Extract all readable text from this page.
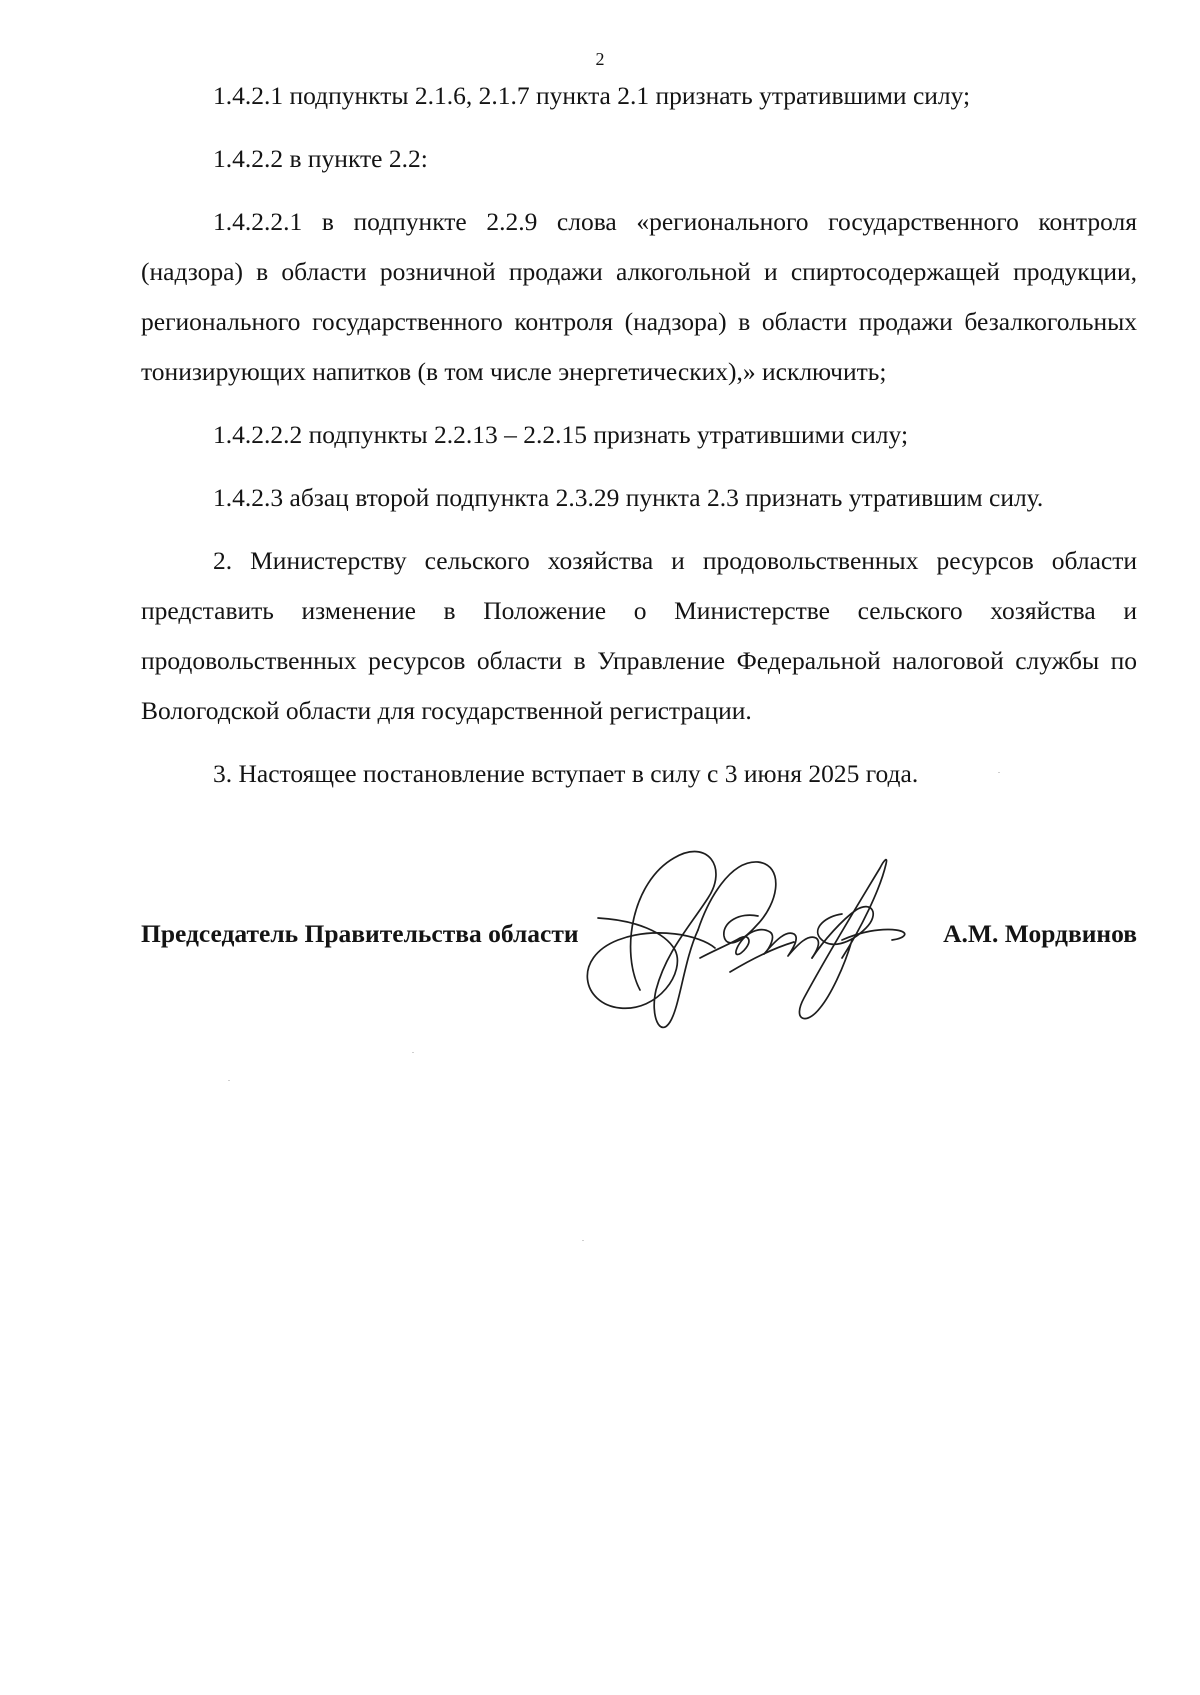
2

1.4.2.1 подпункты 2.1.6, 2.1.7 пункта 2.1 признать утратившими силу;

1.4.2.2 в пункте 2.2:

1.4.2.2.1 в подпункте 2.2.9 слова «регионального государственного контроля (надзора) в области розничной продажи алкогольной и спиртосодержащей продукции, регионального государственного контроля (надзора) в области продажи безалкогольных тонизирующих напитков (в том числе энергетических),» исключить;

1.4.2.2.2 подпункты 2.2.13 – 2.2.15 признать утратившими силу;

1.4.2.3 абзац второй подпункта 2.3.29 пункта 2.3 признать утратившим силу.

2. Министерству сельского хозяйства и продовольственных ресурсов области представить изменение в Положение о Министерстве сельского хозяйства и продовольственных ресурсов области в Управление Федеральной налоговой службы по Вологодской области для государственной регистрации.

3. Настоящее постановление вступает в силу с 3 июня 2025 года.

Председатель Правительства области	А.М. Мордвинов
